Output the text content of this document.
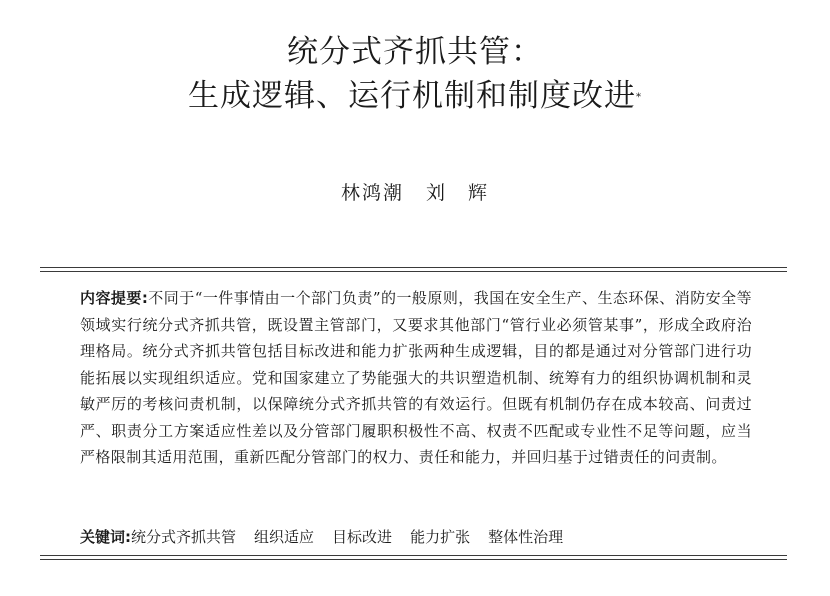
统分式齐抓共管：
生成逻辑、运行机制和制度改进*
林鸿潮 刘　辉
内容提要:不同于“一件事情由一个部门负责”的一般原则，我国在安全生产、生态环保、消防安全等领域实行统分式齐抓共管，既设置主管部门，又要求其他部门“管行业必须管某事”，形成全政府治理格局。统分式齐抓共管包括目标改进和能力扩张两种生成逻辑，目的都是通过对分管部门进行功能拓展以实现组织适应。党和国家建立了势能强大的共识塑造机制、统筹有力的组织协调机制和灵敏严厉的考核问责机制，以保障统分式齐抓共管的有效运行。但既有机制仍存在成本较高、问责过严、职责分工方案适应性差以及分管部门履职积极性不高、权责不匹配或专业性不足等问题，应当严格限制其适用范围，重新匹配分管部门的权力、责任和能力，并回归基于过错责任的问责制。
关键词:统分式齐抓共管 组织适应 目标改进 能力扩张 整体性治理
